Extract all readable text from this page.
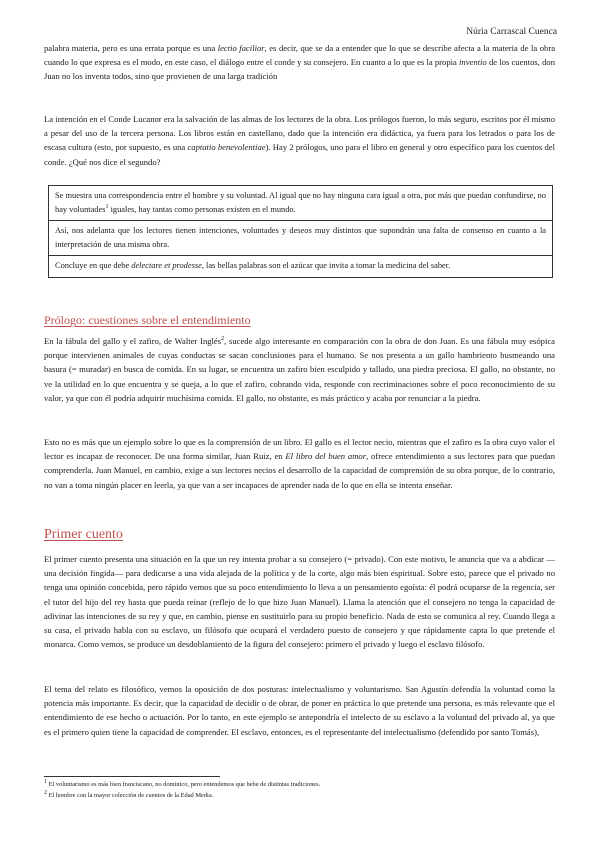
Núria Carrascal Cuenca

palabra materia, pero es una errata porque es una lectio facilior, es decir, que se da a entender que lo que se describe afecta a la materia de la obra cuando lo que expresa es el modo, en este caso, el diálogo entre el conde y su consejero. En cuanto a lo que es la propia inventio de los cuentos, don Juan no los inventa todos, sino que provienen de una larga tradición

La intención en el Conde Lucanor era la salvación de las almas de los lectores de la obra. Los prólogos fueron, lo más seguro, escritos por él mismo a pesar del uso de la tercera persona. Los libros están en castellano, dado que la intención era didáctica, ya fuera para los letrados o para los de escasa cultura (esto, por supuesto, es una captatio benevolentiae). Hay 2 prólogos, uno para el libro en general y otro específico para los cuentos del conde. ¿Qué nos dice el segundo?

Se muestra una correspondencia entre el hombre y su voluntad. Al igual que no hay ninguna cara igual a otra, por más que puedan confundirse, no hay voluntades$^1$ iguales, hay tantas como personas existen en el mundo.
Así, nos adelanta que los lectores tienen intenciones, voluntades y deseos muy distintos que supondrán una falta de consenso en cuanto a la interpretación de una misma obra.
Concluye en que debe delectare et prodesse, las bellas palabras son el azúcar que invita a tomar la medicina del saber.
Prólogo: cuestiones sobre el entendimiento

En la fábula del gallo y el zafiro, de Walter Inglés$^2$, sucede algo interesante en comparación con la obra de don Juan. Es una fábula muy esópica porque intervienen animales de cuyas conductas se sacan conclusiones para el humano. Se nos presenta a un gallo hambriento husmeando una basura (= muradar) en busca de comida. En su lugar, se encuentra un zafiro bien esculpido y tallado, una piedra preciosa. El gallo, no obstante, no ve la utilidad en lo que encuentra y se queja, a lo que el zafiro, cobrando vida, responde con recriminaciones sobre el poco reconocimiento de su valor, ya que con él podría adquirir muchísima comida. El gallo, no obstante, es más práctico y acaba por renunciar a la piedra.

Esto no es más que un ejemplo sobre lo que es la comprensión de un libro. El gallo es el lector necio, mientras que el zafiro es la obra cuyo valor el lector es incapaz de reconocer. De una forma similar, Juan Ruiz, en El libro del buen amor, ofrece entendimiento a sus lectores para que puedan comprenderla. Juan Manuel, en cambio, exige a sus lectores necios el desarrollo de la capacidad de comprensión de su obra porque, de lo contrario, no van a toma ningún placer en leerla, ya que van a ser incapaces de aprender nada de lo que en ella se intenta enseñar.

Primer cuento

El primer cuento presenta una situación en la que un rey intenta probar a su consejero (= privado). Con este motivo, le anuncia que va a abdicar —una decisión fingida— para dedicarse a una vida alejada de la política y de la corte, algo más bien espiritual. Sobre esto, parece que el privado no tenga una opinión concebida, pero rápido vemos que su poco entendimiento lo lleva a un pensamiento egoísta: él podrá ocuparse de la regencia, ser el tutor del hijo del rey hasta que pueda reinar (reflejo de lo que hizo Juan Manuel). Llama la atención que el consejero no tenga la capacidad de adivinar las intenciones de su rey y que, en cambio, piense en sustituirlo para su propio beneficio. Nada de esto se comunica al rey. Cuando llega a su casa, el privado habla con su esclavo, un filósofo que ocupará el verdadero puesto de consejero y que rápidamente capta lo que pretende el monarca. Como vemos, se produce un desdoblamiento de la figura del consejero: primero el privado y luego el esclavo filósofo.

El tema del relato es filosófico, vemos la oposición de dos posturas: intelectualismo y voluntarismo. San Agustín defendía la voluntad como la potencia más importante. Es decir, que la capacidad de decidir o de obrar, de poner en práctica lo que pretende una persona, es más relevante que el entendimiento de ese hecho o actuación. Por lo tanto, en este ejemplo se antepondría el intelecto de su esclavo a la voluntad del privado al, ya que es el primero quien tiene la capacidad de comprender. El esclavo, entonces, es el representante del intelectualismo (defendido por santo Tomás),

$^1$ El voluntarismo es más bien franciscano, no dominico, pero entendemos que bebe de distintas tradiciones.

$^2$ El hombre con la mayor colección de cuentos de la Edad Media.
